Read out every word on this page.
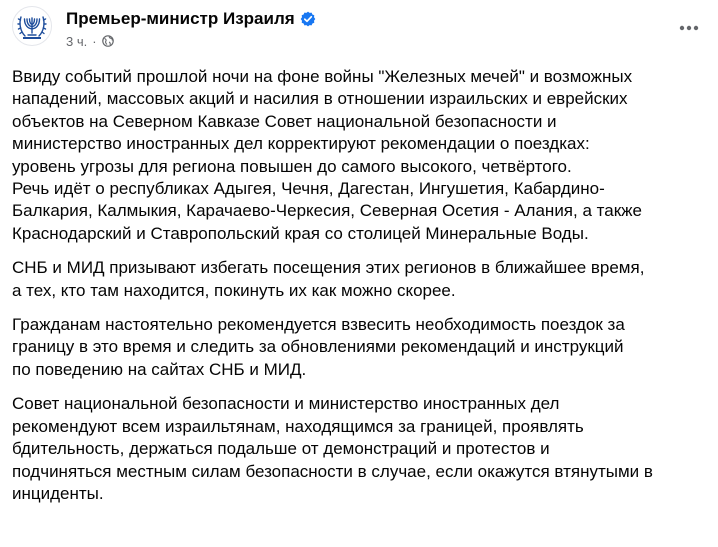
Премьер-министр Израиля
3 ч. ·

Ввиду событий прошлой ночи на фоне войны "Железных мечей" и возможных
нападений, массовых акций и насилия в отношении израильских и еврейских
объектов на Северном Кавказе Совет национальной безопасности и
министерство иностранных дел корректируют рекомендации о поездках:
уровень угрозы для региона повышен до самого высокого, четвёртого.
Речь идёт о республиках Адыгея, Чечня, Дагестан, Ингушетия, Кабардино-
Балкария, Калмыкия, Карачаево-Черкесия, Северная Осетия - Алания, а также
Краснодарский и Ставропольский края со столицей Минеральные Воды.

СНБ и МИД призывают избегать посещения этих регионов в ближайшее время,
а тех, кто там находится, покинуть их как можно скорее.

Гражданам настоятельно рекомендуется взвесить необходимость поездок за
границу в это время и следить за обновлениями рекомендаций и инструкций
по поведению на сайтах СНБ и МИД.

Совет национальной безопасности и министерство иностранных дел
рекомендуют всем израильтянам, находящимся за границей, проявлять
бдительность, держаться подальше от демонстраций и протестов и
подчиняться местным силам безопасности в случае, если окажутся втянутыми в
инциденты.
